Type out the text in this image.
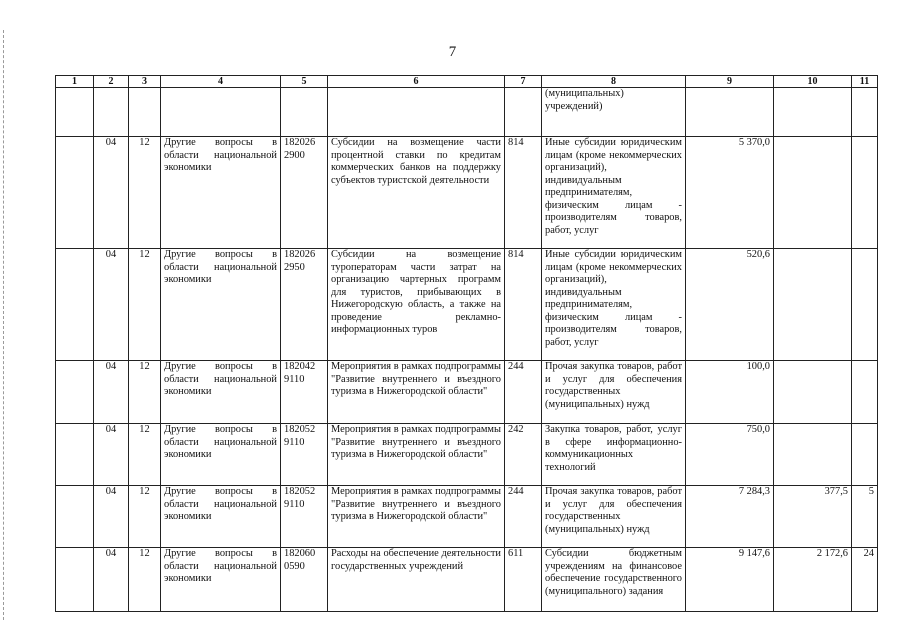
7
1	2	3	4	5	6	7	8	9	10	11
							(муниципальных) учреждений)			
	04	12	Другие вопросы в области национальной экономики	182026 2900	Субсидии на возмещение части процентной ставки по кредитам коммерческих банков на поддержку субъектов туристской деятельности	814	Иные субсидии юридическим лицам (кроме некоммерческих организаций), индивидуальным предпринимателям, физическим лицам - производителям товаров, работ, услуг	5 370,0		
	04	12	Другие вопросы в области национальной экономики	182026 2950	Субсидии на возмещение туроператорам части затрат на организацию чартерных программ для туристов, прибывающих в Нижегородскую область, а также на проведение рекламно-информационных туров	814	Иные субсидии юридическим лицам (кроме некоммерческих организаций), индивидуальным предпринимателям, физическим лицам - производителям товаров, работ, услуг	520,6		
	04	12	Другие вопросы в области национальной экономики	182042 9110	Мероприятия в рамках подпрограммы "Развитие внутреннего и въездного туризма в Нижегородской области"	244	Прочая закупка товаров, работ и услуг для обеспечения государственных (муниципальных) нужд	100,0		
	04	12	Другие вопросы в области национальной экономики	182052 9110	Мероприятия в рамках подпрограммы "Развитие внутреннего и въездного туризма в Нижегородской области"	242	Закупка товаров, работ, услуг в сфере информационно-коммуникационных технологий	750,0		
	04	12	Другие вопросы в области национальной экономики	182052 9110	Мероприятия в рамках подпрограммы "Развитие внутреннего и въездного туризма в Нижегородской области"	244	Прочая закупка товаров, работ и услуг для обеспечения государственных (муниципальных) нужд	7 284,3	377,5	5
	04	12	Другие вопросы в области национальной экономики	182060 0590	Расходы на обеспечение деятельности государственных учреждений	611	Субсидии бюджетным учреждениям на финансовое обеспечение государственного (муниципального) задания	9 147,6	2 172,6	24
